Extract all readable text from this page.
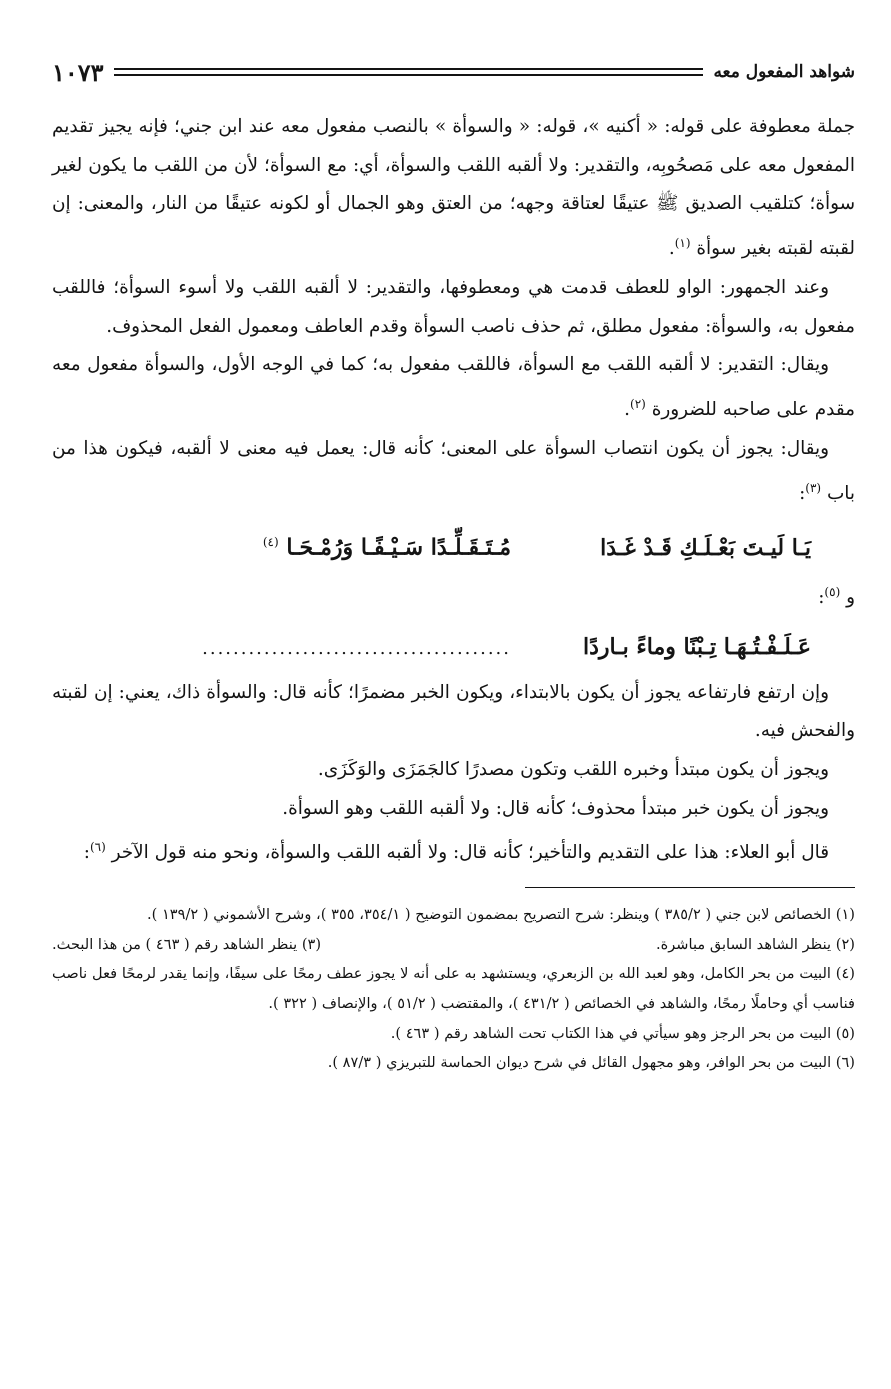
شواهد المفعول معه
١٠٧٣

جملة معطوفة على قوله: « أكنيه »، قوله: « والسوأة » بالنصب مفعول معه عند ابن جني؛ فإنه يجيز تقديم المفعول معه على مَصحُوبِه، والتقدير: ولا ألقبه اللقب والسوأة، أي: مع السوأة؛ لأن من اللقب ما يكون لغير سوأة؛ كتلقيب الصديق ﷺ عتيقًا لعتاقة وجهه؛ من العتق وهو الجمال أو لكونه عتيقًا من النار، والمعنى: إن لقبته لقبته بغير سوأة $^{(١)}$.

وعند الجمهور: الواو للعطف قدمت هي ومعطوفها، والتقدير: لا ألقبه اللقب ولا أسوء السوأة؛ فاللقب مفعول به، والسوأة: مفعول مطلق، ثم حذف ناصب السوأة وقدم العاطف ومعمول الفعل المحذوف.

ويقال: التقدير: لا ألقبه اللقب مع السوأة، فاللقب مفعول به؛ كما في الوجه الأول، والسوأة مفعول معه مقدم على صاحبه للضرورة $^{(٢)}$.

ويقال: يجوز أن يكون انتصاب السوأة على المعنى؛ كأنه قال: يعمل فيه معنى لا ألقبه، فيكون هذا من باب $^{(٣)}$:

يَـا لَيـتَ بَعْـلَـكِ قَـدْ غَـدَا
مُـتَـقَـلِّـدًا سَـيْـفًـا وَرُمْـحَـا $^{(٤)}$

و $^{(٥)}$:

عَـلَـفْـتُـهَـا تِـبْنًا وماءً بـاردًا
........................................

وإن ارتفع فارتفاعه يجوز أن يكون بالابتداء، ويكون الخبر مضمرًا؛ كأنه قال: والسوأة ذاك، يعني: إن لقبته والفحش فيه.

ويجوز أن يكون مبتدأ وخبره اللقب وتكون مصدرًا كالجَمَزَى والوَكَزَى.

ويجوز أن يكون خبر مبتدأ محذوف؛ كأنه قال: ولا ألقبه اللقب وهو السوأة.

قال أبو العلاء: هذا على التقديم والتأخير؛ كأنه قال: ولا ألقبه اللقب والسوأة، ونحو منه قول الآخر $^{(٦)}$:

(١) الخصائص لابن جني ( ٣٨٥/٢ ) وينظر: شرح التصريح بمضمون التوضيح ( ٣٥٤/١، ٣٥٥ )، وشرح الأشموني ( ١٣٩/٢ ).

(٢) ينظر الشاهد السابق مباشرة.
(٣) ينظر الشاهد رقم ( ٤٦٣ ) من هذا البحث.

(٤) البيت من بحر الكامل، وهو لعبد الله بن الزبعري، ويستشهد به على أنه لا يجوز عطف رمحًا على سيفًا، وإنما يقدر لرمحًا فعل ناصب فناسب أي وحاملًا رمحًا، والشاهد في الخصائص ( ٤٣١/٢ )، والمقتضب ( ٥١/٢ )، والإنصاف ( ٣٢٢ ).

(٥) البيت من بحر الرجز وهو سيأتي في هذا الكتاب تحت الشاهد رقم ( ٤٦٣ ).

(٦) البيت من بحر الوافر، وهو مجهول القائل في شرح ديوان الحماسة للتبريزي ( ٨٧/٣ ).
